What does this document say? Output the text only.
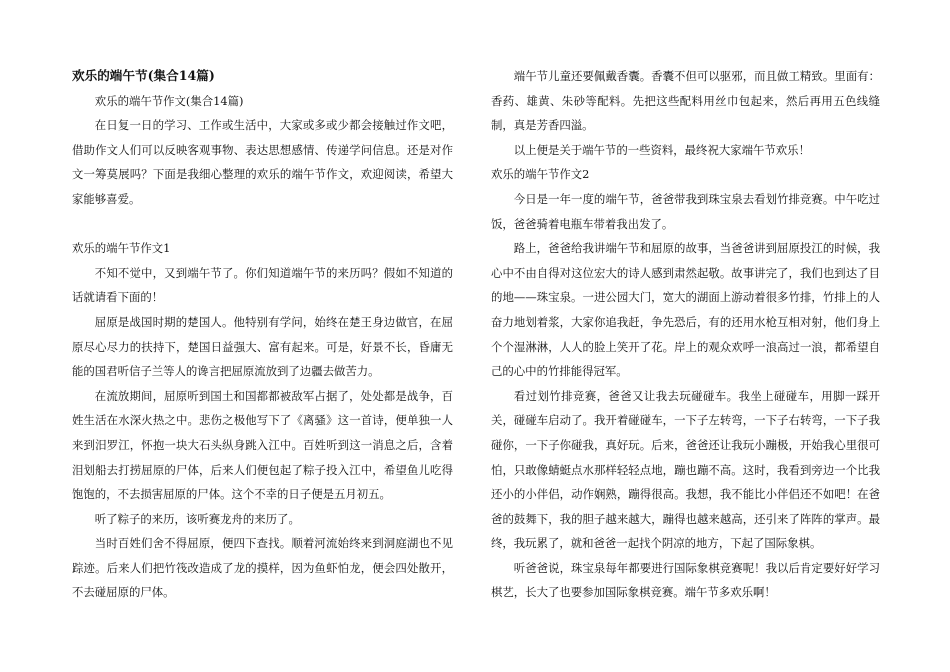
欢乐的端午节(集合14篇)

欢乐的端午节作文(集合14篇)

在日复一日的学习、工作或生活中，大家或多或少都会接触过作文吧，借助作文人们可以反映客观事物、表达思想感情、传递学问信息。还是对作文一筹莫展吗？下面是我细心整理的欢乐的端午节作文，欢迎阅读，希望大家能够喜爱。

欢乐的端午节作文1

不知不觉中，又到端午节了。你们知道端午节的来历吗？假如不知道的话就请看下面的！

屈原是战国时期的楚国人。他特别有学问，始终在楚王身边做官，在屈原尽心尽力的扶持下，楚国日益强大、富有起来。可是，好景不长，昏庸无能的国君听信子兰等人的谗言把屈原流放到了边疆去做苦力。

在流放期间，屈原听到国土和国都都被敌军占据了，处处都是战争，百姓生活在水深火热之中。悲伤之极他写下了《离骚》这一首诗，便单独一人来到汨罗江，怀抱一块大石头纵身跳入江中。百姓听到这一消息之后，含着泪划船去打捞屈原的尸体，后来人们便包起了粽子投入江中，希望鱼儿吃得饱饱的，不去损害屈原的尸体。这个不幸的日子便是五月初五。

听了粽子的来历，该听赛龙舟的来历了。

当时百姓们舍不得屈原，便四下查找。顺着河流始终来到洞庭湖也不见踪迹。后来人们把竹筏改造成了龙的摸样，因为鱼虾怕龙，便会四处散开，不去碰屈原的尸体。

端午节儿童还要佩戴香囊。香囊不但可以驱邪，而且做工精致。里面有：香药、雄黄、朱砂等配料。先把这些配料用丝巾包起来，然后再用五色线缝制，真是芳香四溢。

以上便是关于端午节的一些资料，最终祝大家端午节欢乐！

欢乐的端午节作文2

今日是一年一度的端午节，爸爸带我到珠宝泉去看划竹排竞赛。中午吃过饭，爸爸骑着电瓶车带着我出发了。

路上，爸爸给我讲端午节和屈原的故事，当爸爸讲到屈原投江的时候，我心中不由自得对这位宏大的诗人感到肃然起敬。故事讲完了，我们也到达了目的地——珠宝泉。一进公园大门，宽大的湖面上游动着很多竹排，竹排上的人奋力地划着浆，大家你追我赶，争先恐后，有的还用水枪互相对射，他们身上个个湿淋淋，人人的脸上笑开了花。岸上的观众欢呼一浪高过一浪，都希望自己的心中的竹排能得冠军。

看过划竹排竞赛，爸爸又让我去玩碰碰车。我坐上碰碰车，用脚一踩开关，碰碰车启动了。我开着碰碰车，一下子左转弯，一下子右转弯，一下子我碰你，一下子你碰我，真好玩。后来，爸爸还让我玩小蹦极，开始我心里很可怕，只敢像蜻蜓点水那样轻轻点地，蹦也蹦不高。这时，我看到旁边一个比我还小的小伴侣，动作娴熟，蹦得很高。我想，我不能比小伴侣还不如吧！在爸爸的鼓舞下，我的胆子越来越大，蹦得也越来越高，还引来了阵阵的掌声。最终，我玩累了，就和爸爸一起找个阴凉的地方，下起了国际象棋。

听爸爸说，珠宝泉每年都要进行国际象棋竞赛呢！我以后肯定要好好学习棋艺，长大了也要参加国际象棋竞赛。端午节多欢乐啊！
